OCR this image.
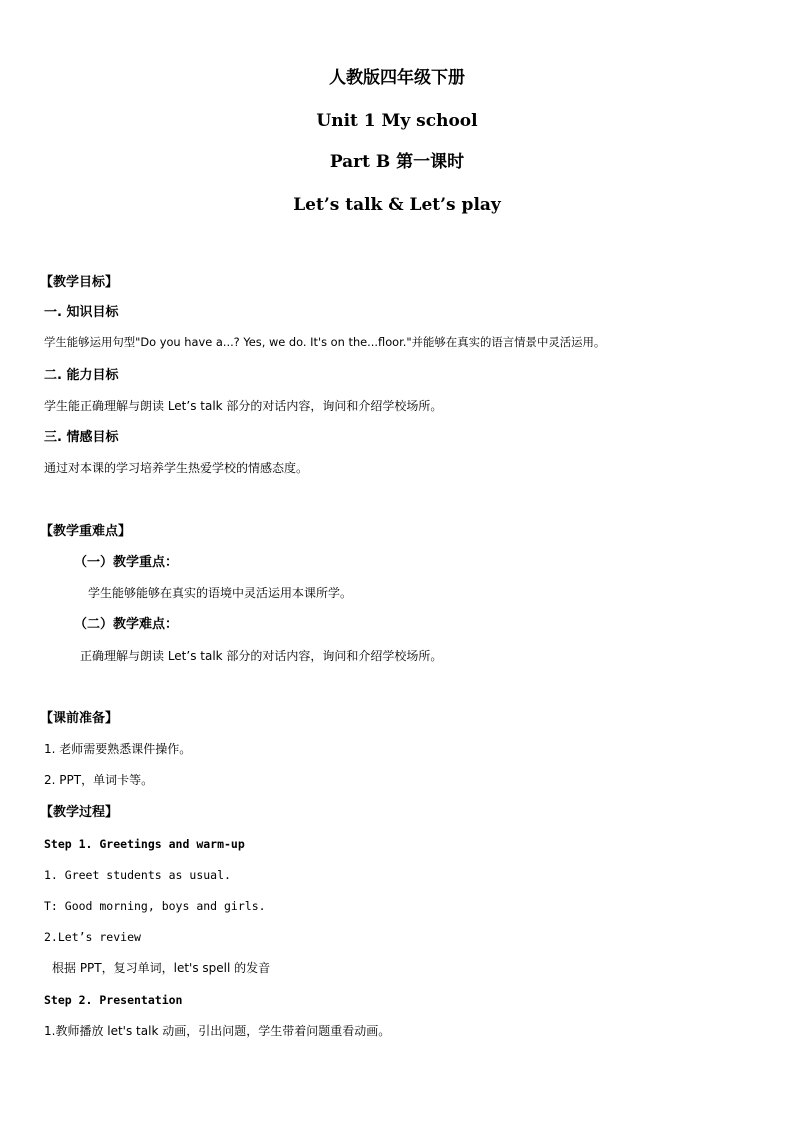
人教版四年级下册
Unit 1 My school
Part B 第一课时
Let’s talk & Let’s play
【教学目标】
一. 知识目标
学生能够运用句型"Do you have a...? Yes, we do. It's on the...floor."并能够在真实的语言情景中灵活运用。
二. 能力目标
学生能正确理解与朗读 Let’s talk 部分的对话内容，询问和介绍学校场所。
三. 情感目标
通过对本课的学习培养学生热爱学校的情感态度。
【教学重难点】
（一）教学重点：
学生能够能够在真实的语境中灵活运用本课所学。
（二）教学难点：
正确理解与朗读 Let’s talk 部分的对话内容，询问和介绍学校场所。
【课前准备】
1. 老师需要熟悉课件操作。
2. PPT，单词卡等。
【教学过程】
Step 1. Greetings and warm-up
1. Greet students as usual.
T: Good morning, boys and girls.
2.Let’s review
根据 PPT，复习单词，let's spell 的发音
Step 2. Presentation
1.教师播放 let's talk 动画，引出问题，学生带着问题重看动画。
